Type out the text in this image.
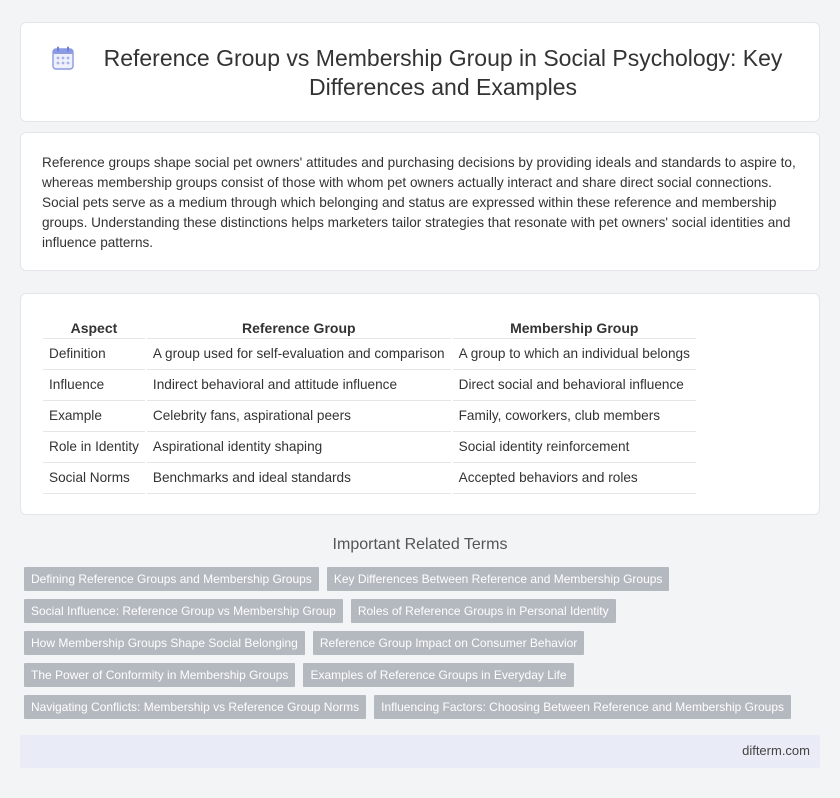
Reference Group vs Membership Group in Social Psychology: Key Differences and Examples

Reference groups shape social pet owners' attitudes and purchasing decisions by providing ideals and standards to aspire to, whereas membership groups consist of those with whom pet owners actually interact and share direct social connections. Social pets serve as a medium through which belonging and status are expressed within these reference and membership groups. Understanding these distinctions helps marketers tailor strategies that resonate with pet owners' social identities and influence patterns.

Aspect	Reference Group	Membership Group
Definition	A group used for self-evaluation and comparison	A group to which an individual belongs
Influence	Indirect behavioral and attitude influence	Direct social and behavioral influence
Example	Celebrity fans, aspirational peers	Family, coworkers, club members
Role in Identity	Aspirational identity shaping	Social identity reinforcement
Social Norms	Benchmarks and ideal standards	Accepted behaviors and roles
Important Related Terms
Defining Reference Groups and Membership Groups	Key Differences Between Reference and Membership Groups
Social Influence: Reference Group vs Membership Group	Roles of Reference Groups in Personal Identity
How Membership Groups Shape Social Belonging	Reference Group Impact on Consumer Behavior
The Power of Conformity in Membership Groups	Examples of Reference Groups in Everyday Life
Navigating Conflicts: Membership vs Reference Group Norms	Influencing Factors: Choosing Between Reference and Membership Groups
difterm.com
